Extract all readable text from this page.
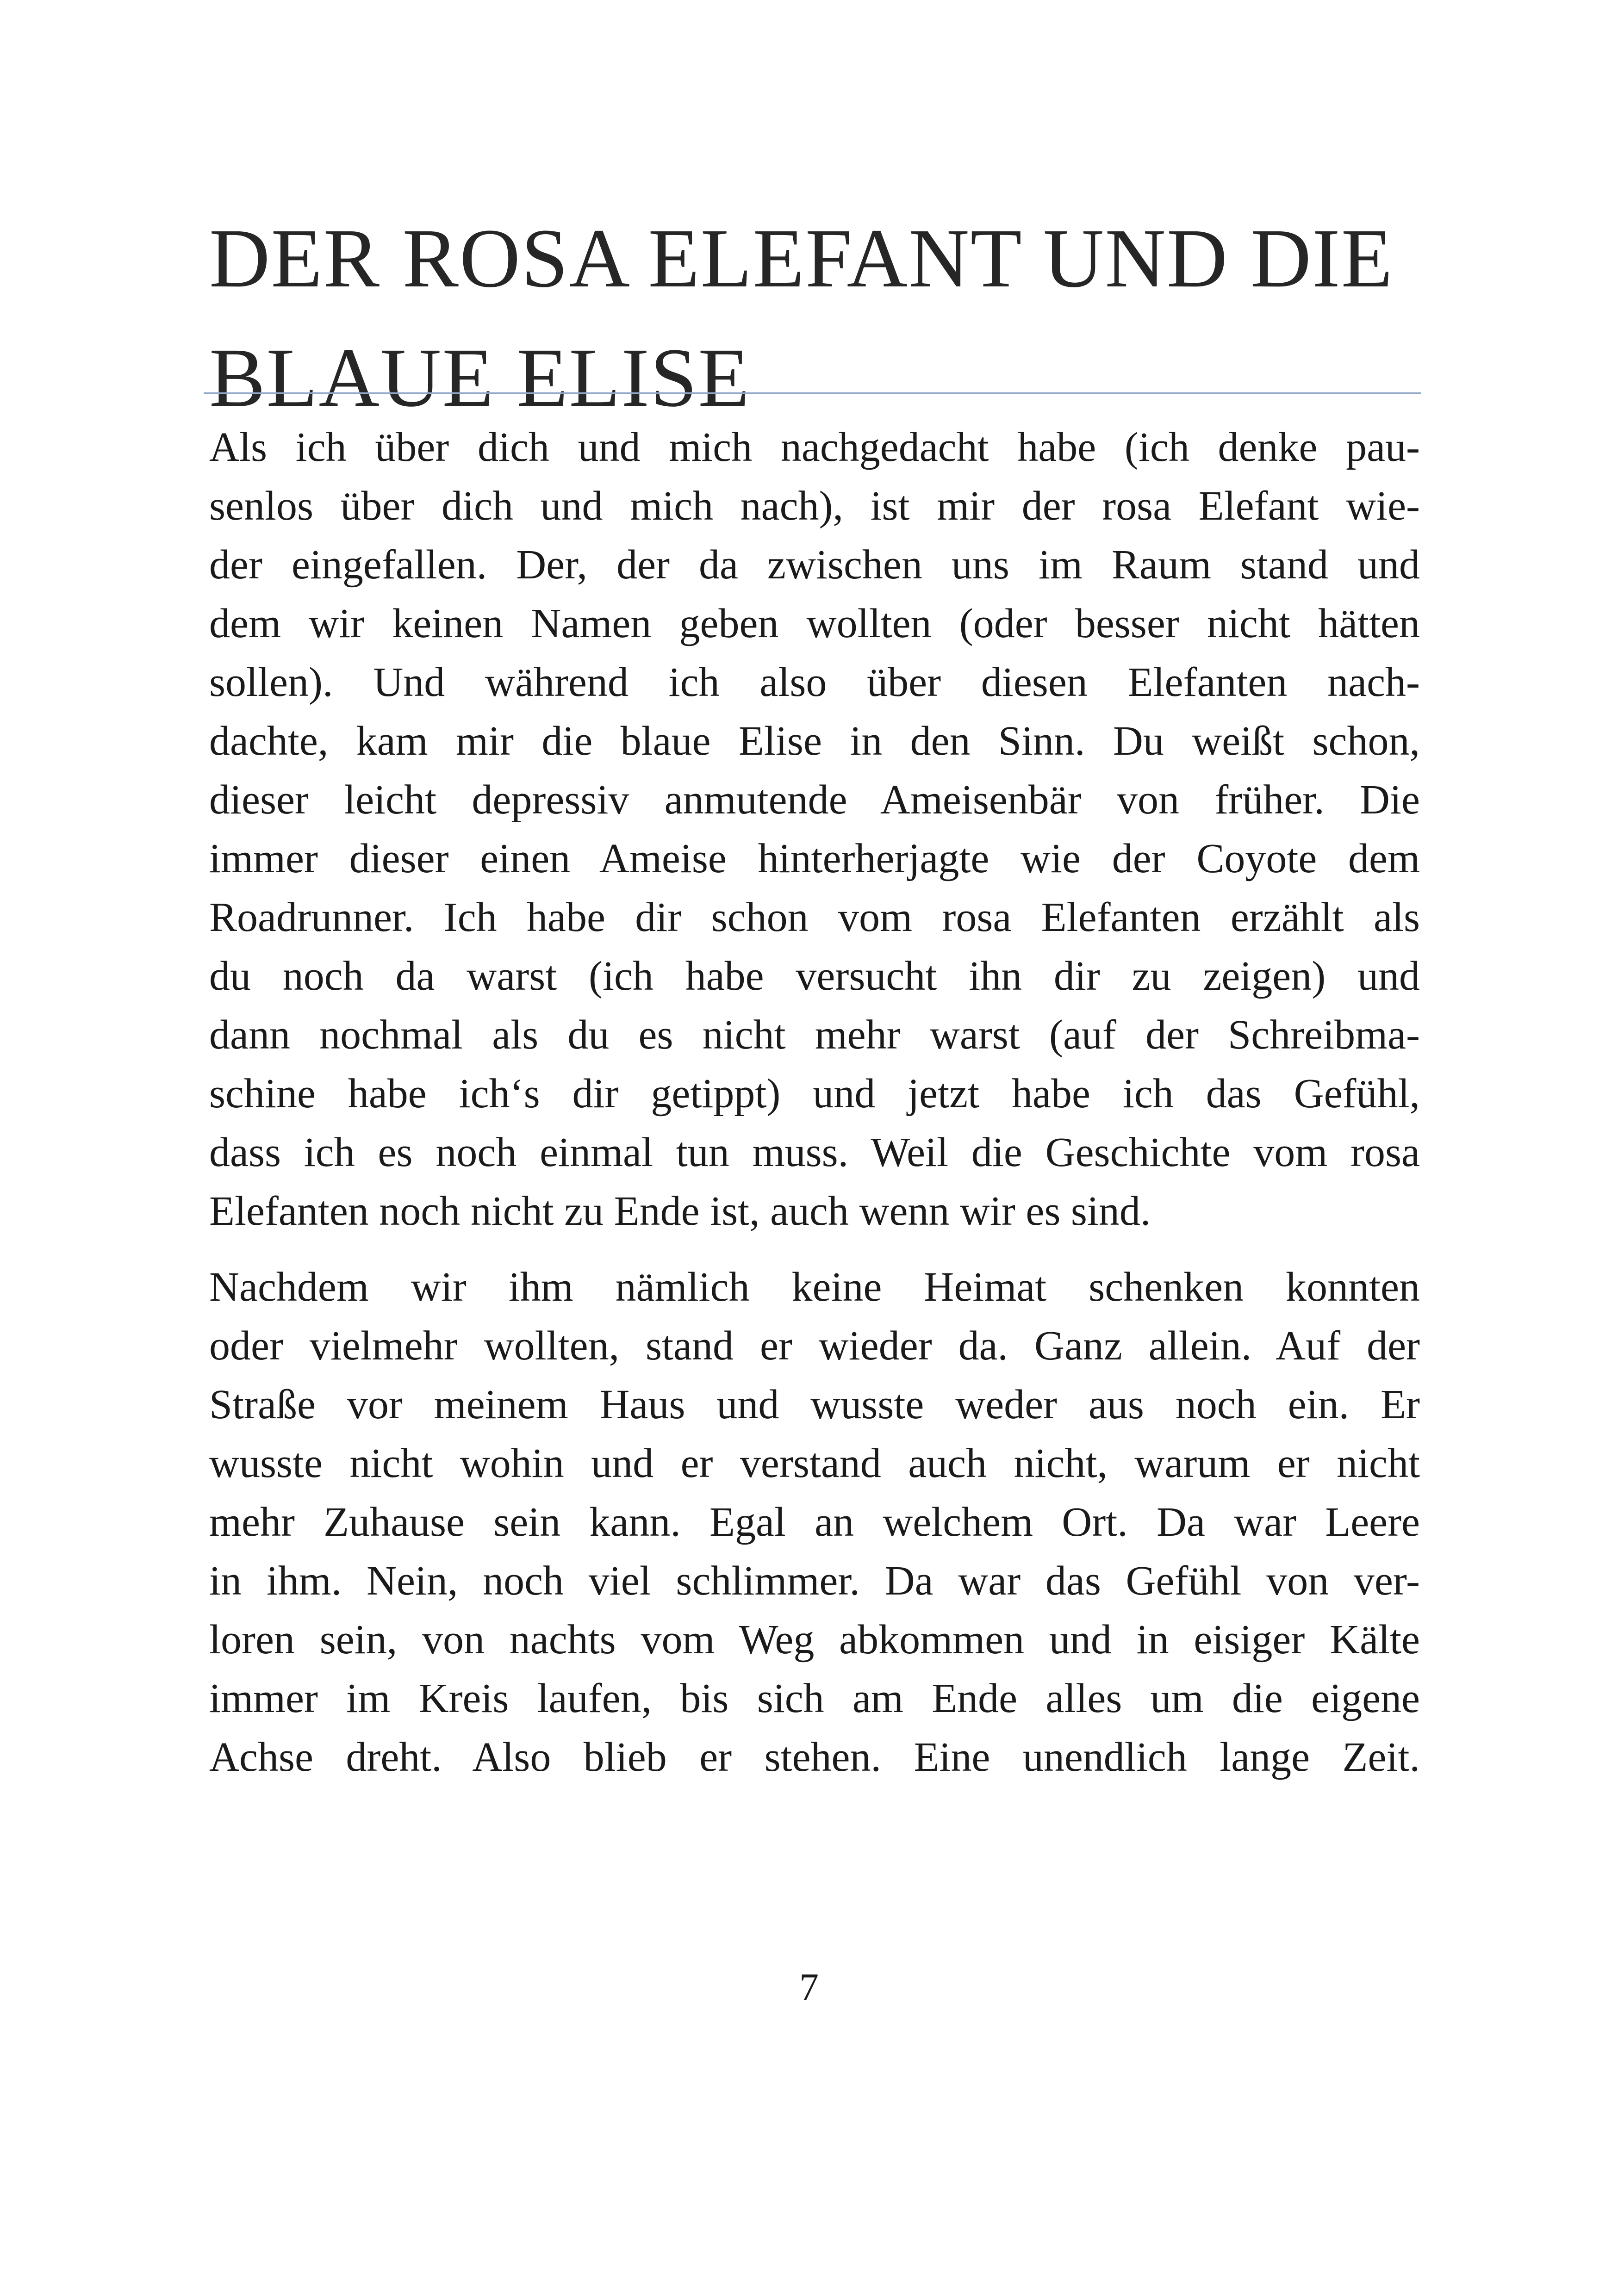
DER ROSA ELEFANT UND DIE
BLAUE ELISE
Als ich über dich und mich nachgedacht habe (ich denke pau-
senlos über dich und mich nach), ist mir der rosa Elefant wie-
der eingefallen. Der, der da zwischen uns im Raum stand und
dem wir keinen Namen geben wollten (oder besser nicht hätten
sollen). Und während ich also über diesen Elefanten nach-
dachte, kam mir die blaue Elise in den Sinn. Du weißt schon,
dieser leicht depressiv anmutende Ameisenbär von früher. Die
immer dieser einen Ameise hinterherjagte wie der Coyote dem
Roadrunner. Ich habe dir schon vom rosa Elefanten erzählt als
du noch da warst (ich habe versucht ihn dir zu zeigen) und
dann nochmal als du es nicht mehr warst (auf der Schreibma-
schine habe ich‘s dir getippt) und jetzt habe ich das Gefühl,
dass ich es noch einmal tun muss. Weil die Geschichte vom rosa
Elefanten noch nicht zu Ende ist, auch wenn wir es sind.
Nachdem wir ihm nämlich keine Heimat schenken konnten
oder vielmehr wollten, stand er wieder da. Ganz allein. Auf der
Straße vor meinem Haus und wusste weder aus noch ein. Er
wusste nicht wohin und er verstand auch nicht, warum er nicht
mehr Zuhause sein kann. Egal an welchem Ort. Da war Leere
in ihm. Nein, noch viel schlimmer. Da war das Gefühl von ver-
loren sein, von nachts vom Weg abkommen und in eisiger Kälte
immer im Kreis laufen, bis sich am Ende alles um die eigene
Achse dreht. Also blieb er stehen. Eine unendlich lange Zeit.
7
